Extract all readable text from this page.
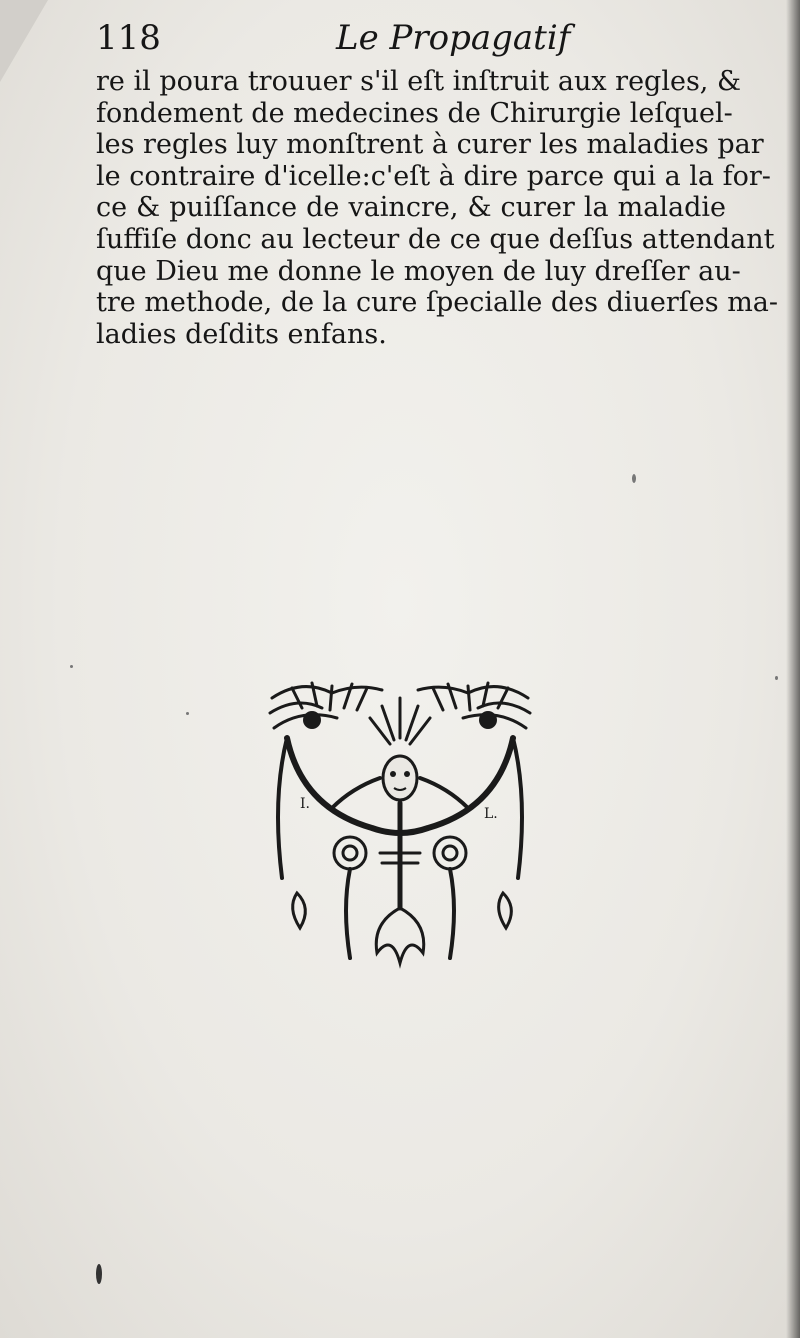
118	Le Propagatif
re il poura trouuer s'il eſt inſtruit aux regles, &
fondement de medecines de Chirurgie leſquel-
les regles luy monſtrent à curer les maladies par
le contraire d'icelle:c'eſt à dire parce qui a la for-
ce & puiſſance de vaincre, & curer la maladie
ſuffiſe donc au lecteur de ce que deſſus attendant
que Dieu me donne le moyen de luy dreſſer au-
tre methode, de la cure ſpecialle des diuerſes ma-
ladies deſdits enfans.
I.
L.
